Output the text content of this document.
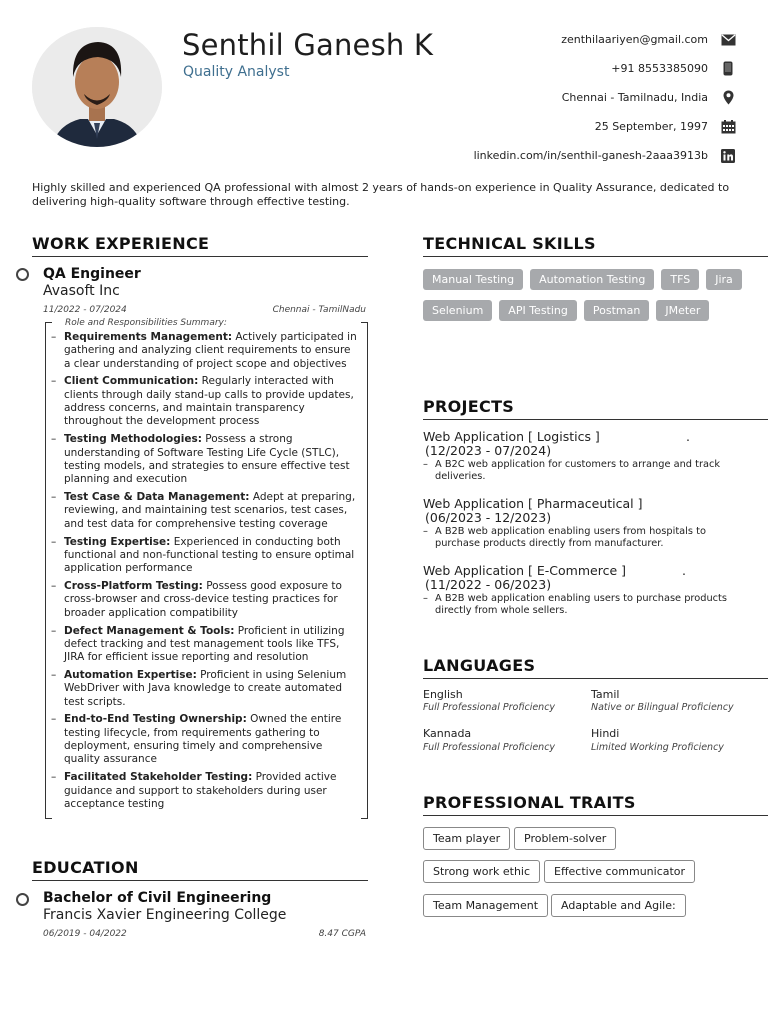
Senthil Ganesh K
Quality Analyst
zenthilaariyen@gmail.com
+91 8553385090
Chennai - Tamilnadu, India
25 September, 1997
linkedin.com/in/senthil-ganesh-2aaa3913b
Highly skilled and experienced QA professional with almost 2 years of hands-on experience in Quality Assurance, dedicated to delivering high-quality software through effective testing.
WORK EXPERIENCE
QA Engineer
Avasoft Inc
11/2022 - 07/2024	Chennai - TamilNadu
Role and Responsibilities Summary:
– Requirements Management: Actively participated in gathering and analyzing client requirements to ensure a clear understanding of project scope and objectives
– Client Communication: Regularly interacted with clients through daily stand-up calls to provide updates, address concerns, and maintain transparency throughout the development process
– Testing Methodologies: Possess a strong understanding of Software Testing Life Cycle (STLC), testing models, and strategies to ensure effective test planning and execution
– Test Case & Data Management: Adept at preparing, reviewing, and maintaining test scenarios, test cases, and test data for comprehensive testing coverage
– Testing Expertise: Experienced in conducting both functional and non-functional testing to ensure optimal application performance
– Cross-Platform Testing: Possess good exposure to cross-browser and cross-device testing practices for broader application compatibility
– Defect Management & Tools: Proficient in utilizing defect tracking and test management tools like TFS, JIRA for efficient issue reporting and resolution
– Automation Expertise: Proficient in using Selenium WebDriver with Java knowledge to create automated test scripts.
– End-to-End Testing Ownership: Owned the entire testing lifecycle, from requirements gathering to deployment, ensuring timely and comprehensive quality assurance
– Facilitated Stakeholder Testing: Provided active guidance and support to stakeholders during user acceptance testing
EDUCATION
Bachelor of Civil Engineering
Francis Xavier Engineering College
06/2019 - 04/2022	8.47 CGPA
TECHNICAL SKILLS
Manual Testing	Automation Testing	TFS	Jira
Selenium	API Testing	Postman	JMeter
PROJECTS
Web Application [ Logistics ]	.
(12/2023 - 07/2024)
– A B2C web application for customers to arrange and track deliveries.
Web Application [ Pharmaceutical ]
(06/2023 - 12/2023)
– A B2B web application enabling users from hospitals to purchase products directly from manufacturer.
Web Application [ E-Commerce ]	.
(11/2022 - 06/2023)
– A B2B web application enabling users to purchase products directly from whole sellers.
LANGUAGES
English
Full Professional Proficiency
Tamil
Native or Bilingual Proficiency
Kannada
Full Professional Proficiency
Hindi
Limited Working Proficiency
PROFESSIONAL TRAITS
Team player	Problem-solver
Strong work ethic	Effective communicator
Team Management	Adaptable and Agile:
